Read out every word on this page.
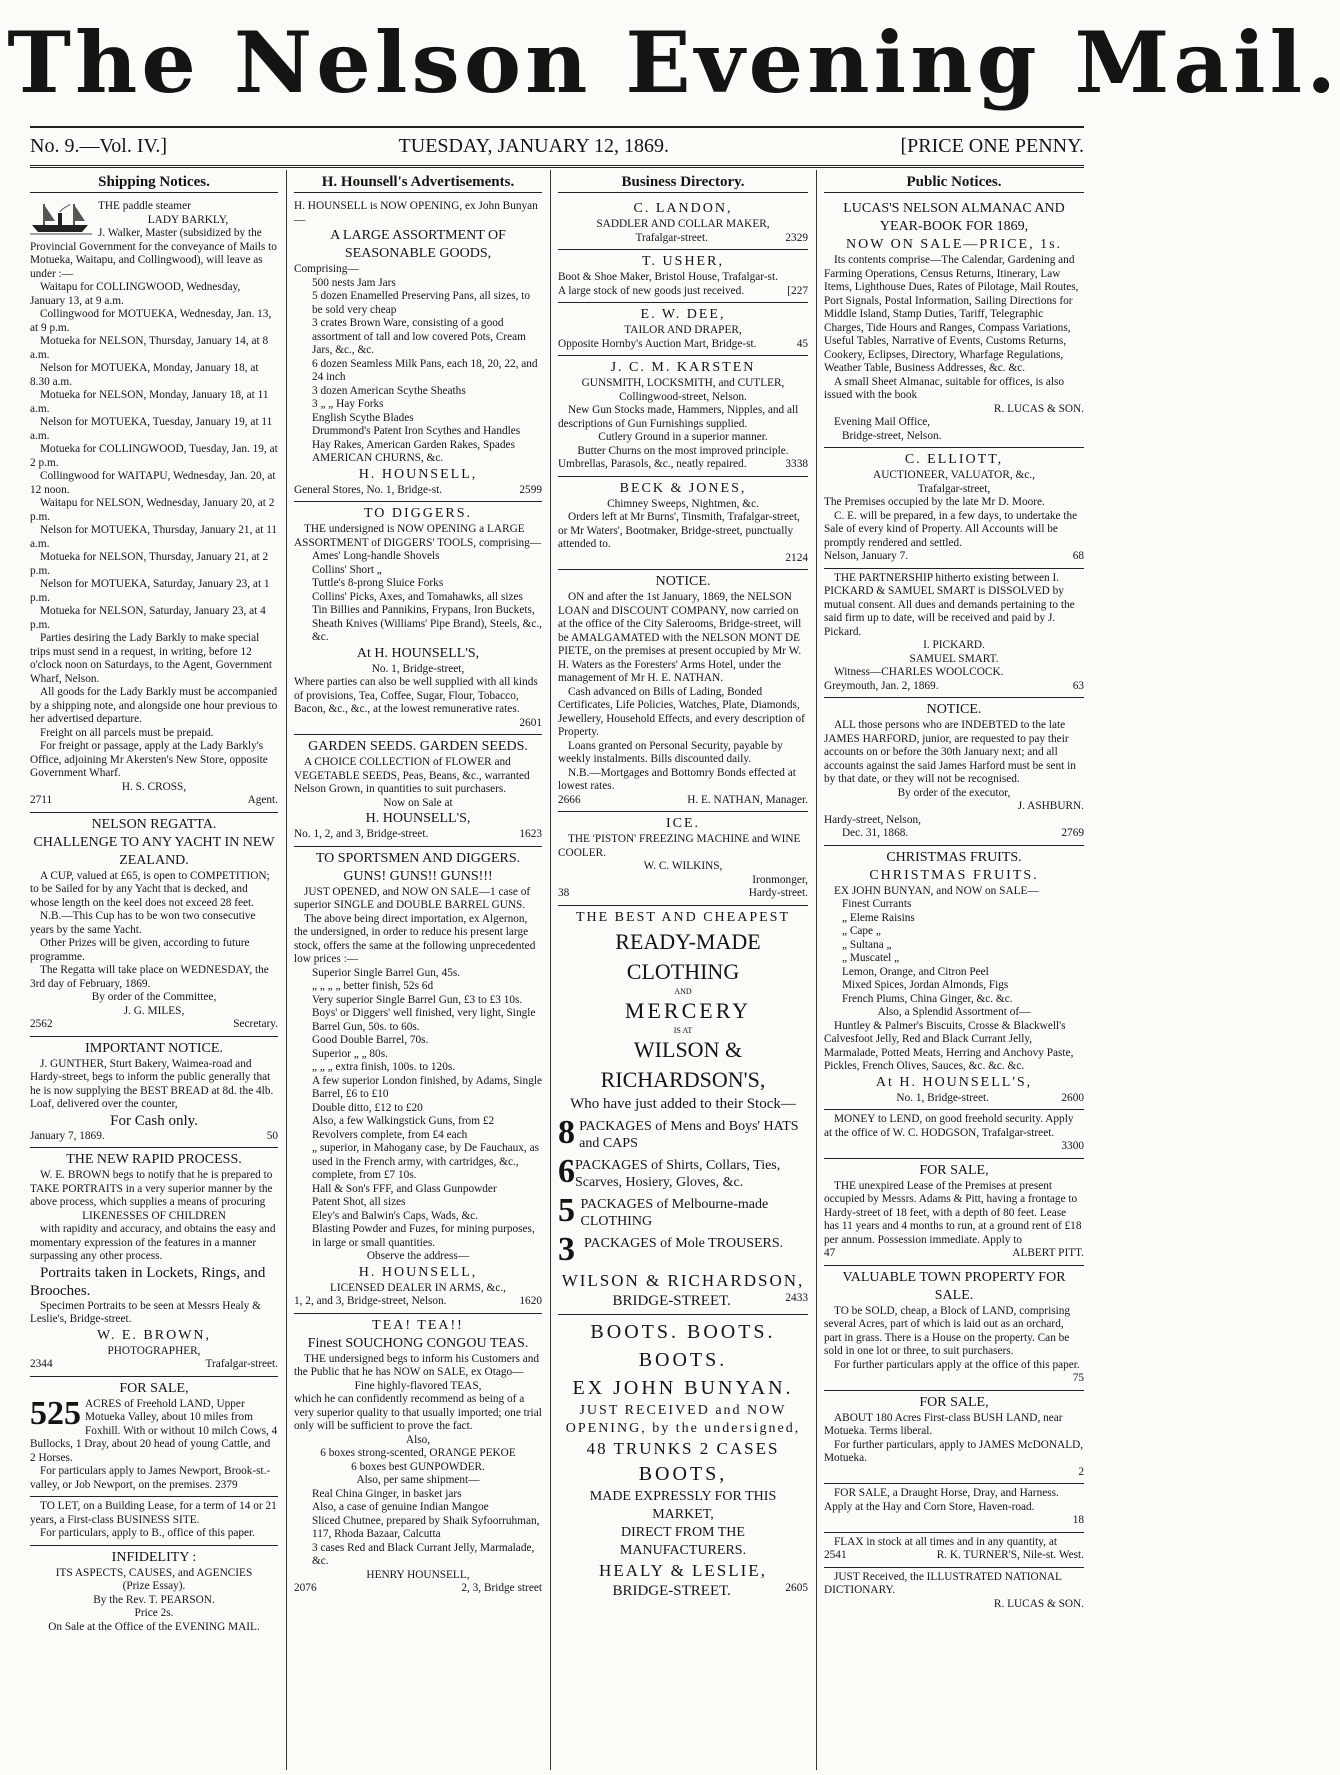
The Nelson Evening Mail.
No. 9.—Vol. IV.]	TUESDAY, JANUARY 12, 1869.	[PRICE ONE PENNY.
Shipping Notices.

THE paddle steamer

LADY BARKLY,

J. Walker, Master (subsidized by the Provincial Government for the conveyance of Mails to Motueka, Waitapu, and Collingwood), will leave as under :—

Waitapu for COLLINGWOOD, Wednesday, January 13, at 9 a.m.

Collingwood for MOTUEKA, Wednesday, Jan. 13, at 9 p.m.

Motueka for NELSON, Thursday, January 14, at 8 a.m.

Nelson for MOTUEKA, Monday, January 18, at 8.30 a.m.

Motueka for NELSON, Monday, January 18, at 11 a.m.

Nelson for MOTUEKA, Tuesday, January 19, at 11 a.m.

Motueka for COLLINGWOOD, Tuesday, Jan. 19, at 2 p.m.

Collingwood for WAITAPU, Wednesday, Jan. 20, at 12 noon.

Waitapu for NELSON, Wednesday, January 20, at 2 p.m.

Nelson for MOTUEKA, Thursday, January 21, at 11 a.m.

Motueka for NELSON, Thursday, January 21, at 2 p.m.

Nelson for MOTUEKA, Saturday, January 23, at 1 p.m.

Motueka for NELSON, Saturday, January 23, at 4 p.m.

Parties desiring the Lady Barkly to make special trips must send in a request, in writing, before 12 o'clock noon on Saturdays, to the Agent, Government Wharf, Nelson.

All goods for the Lady Barkly must be accompanied by a shipping note, and alongside one hour previous to her advertised departure.

Freight on all parcels must be prepaid.

For freight or passage, apply at the Lady Barkly's Office, adjoining Mr Akersten's New Store, opposite Government Wharf.

H. S. CROSS,

2711	Agent.

NELSON REGATTA.

CHALLENGE TO ANY YACHT IN NEW ZEALAND.

A CUP, valued at £65, is open to COMPETITION; to be Sailed for by any Yacht that is decked, and whose length on the keel does not exceed 28 feet.

N.B.—This Cup has to be won two consecutive years by the same Yacht.

Other Prizes will be given, according to future programme.

The Regatta will take place on WEDNESDAY, the 3rd day of February, 1869.

By order of the Committee,

J. G. MILES,

2562	Secretary.

IMPORTANT NOTICE.

J. GUNTHER, Sturt Bakery, Waimea-road and Hardy-street, begs to inform the public generally that he is now supplying the BEST BREAD at 8d. the 4lb. Loaf, delivered over the counter,

For Cash only.

January 7, 1869.	50

THE NEW RAPID PROCESS.

W. E. BROWN begs to notify that he is prepared to TAKE PORTRAITS in a very superior manner by the above process, which supplies a means of procuring

LIKENESSES OF CHILDREN

with rapidity and accuracy, and obtains the easy and momentary expression of the features in a manner surpassing any other process.

Portraits taken in Lockets, Rings, and Brooches.

Specimen Portraits to be seen at Messrs Healy & Leslie's, Bridge-street.

W. E. BROWN,

PHOTOGRAPHER,

2344	Trafalgar-street.

FOR SALE,

525 ACRES of Freehold LAND, Upper Motueka Valley, about 10 miles from Foxhill. With or without 10 milch Cows, 4 Bullocks, 1 Dray, about 20 head of young Cattle, and 2 Horses.

For particulars apply to James Newport, Brook-st.-valley, or Job Newport, on the premises. 2379

TO LET, on a Building Lease, for a term of 14 or 21 years, a First-class BUSINESS SITE.

For particulars, apply to B., office of this paper.

INFIDELITY :

ITS ASPECTS, CAUSES, and AGENCIES

(Prize Essay).

By the Rev. T. PEARSON.

Price 2s.

On Sale at the Office of the EVENING MAIL.

H. Hounsell's Advertisements.

H. HOUNSELL is NOW OPENING, ex John Bunyan—

A LARGE ASSORTMENT OF SEASONABLE GOODS,

Comprising—

500 nests Jam Jars

5 dozen Enamelled Preserving Pans, all sizes, to be sold very cheap

3 crates Brown Ware, consisting of a good assortment of tall and low covered Pots, Cream Jars, &c., &c.

6 dozen Seamless Milk Pans, each 18, 20, 22, and 24 inch

3 dozen American Scythe Sheaths

3 „ „ Hay Forks

English Scythe Blades

Drummond's Patent Iron Scythes and Handles

Hay Rakes, American Garden Rakes, Spades

AMERICAN CHURNS, &c.

H. HOUNSELL,

General Stores, No. 1, Bridge-st.	2599

TO DIGGERS.

THE undersigned is NOW OPENING a LARGE ASSORTMENT of DIGGERS' TOOLS, comprising—

Ames' Long-handle Shovels

Collins' Short „

Tuttle's 8-prong Sluice Forks

Collins' Picks, Axes, and Tomahawks, all sizes

Tin Billies and Pannikins, Frypans, Iron Buckets, Sheath Knives (Williams' Pipe Brand), Steels, &c., &c.

At H. HOUNSELL'S,

No. 1, Bridge-street,

Where parties can also be well supplied with all kinds of provisions, Tea, Coffee, Sugar, Flour, Tobacco, Bacon, &c., &c., at the lowest remunerative rates.

2601

GARDEN SEEDS. GARDEN SEEDS.

A CHOICE COLLECTION of FLOWER and VEGETABLE SEEDS, Peas, Beans, &c., warranted Nelson Grown, in quantities to suit purchasers.

Now on Sale at

H. HOUNSELL'S,

No. 1, 2, and 3, Bridge-street.	1623

TO SPORTSMEN AND DIGGERS.

GUNS! GUNS!! GUNS!!!

JUST OPENED, and NOW ON SALE—1 case of superior SINGLE and DOUBLE BARREL GUNS.

The above being direct importation, ex Algernon, the undersigned, in order to reduce his present large stock, offers the same at the following unprecedented low prices :—

Superior Single Barrel Gun, 45s.

„ „ „ „ better finish, 52s 6d

Very superior Single Barrel Gun, £3 to £3 10s.

Boys' or Diggers' well finished, very light, Single Barrel Gun, 50s. to 60s.

Good Double Barrel, 70s.

Superior „ „ 80s.

„ „ „ extra finish, 100s. to 120s.

A few superior London finished, by Adams, Single Barrel, £6 to £10

Double ditto, £12 to £20

Also, a few Walkingstick Guns, from £2

Revolvers complete, from £4 each

„ superior, in Mahogany case, by De Fauchaux, as used in the French army, with cartridges, &c., complete, from £7 10s.

Hall & Son's FFF, and Glass Gunpowder

Patent Shot, all sizes

Eley's and Balwin's Caps, Wads, &c.

Blasting Powder and Fuzes, for mining purposes, in large or small quantities.

Observe the address—

H. HOUNSELL,

LICENSED DEALER IN ARMS, &c.,

1, 2, and 3, Bridge-street, Nelson.	1620

TEA! TEA!!

Finest SOUCHONG CONGOU TEAS.

THE undersigned begs to inform his Customers and the Public that he has NOW on SALE, ex Otago—

Fine highly-flavored TEAS,

which he can confidently recommend as being of a very superior quality to that usually imported; one trial only will be sufficient to prove the fact.

Also,

6 boxes strong-scented, ORANGE PEKOE

6 boxes best GUNPOWDER.

Also, per same shipment—

Real China Ginger, in basket jars

Also, a case of genuine Indian Mangoe

Sliced Chutnee, prepared by Shaik Syfoorruhman, 117, Rhoda Bazaar, Calcutta

3 cases Red and Black Currant Jelly, Marmalade, &c.

HENRY HOUNSELL,

2076	2, 3, Bridge street
Business Directory.

C. LANDON,

SADDLER AND COLLAR MAKER,

Trafalgar-street.	2329

T. USHER,

Boot & Shoe Maker, Bristol House, Trafalgar-st.

A large stock of new goods just received.	[227

E. W. DEE,

TAILOR AND DRAPER,

Opposite Hornby's Auction Mart, Bridge-st.	45

J. C. M. KARSTEN

GUNSMITH, LOCKSMITH, and CUTLER,

Collingwood-street, Nelson.

New Gun Stocks made, Hammers, Nipples, and all descriptions of Gun Furnishings supplied.

Cutlery Ground in a superior manner.

Butter Churns on the most improved principle.

Umbrellas, Parasols, &c., neatly repaired.	3338

BECK & JONES,

Chimney Sweeps, Nightmen, &c.

Orders left at Mr Burns', Tinsmith, Trafalgar-street, or Mr Waters', Bootmaker, Bridge-street, punctually attended to.

2124

NOTICE.

ON and after the 1st January, 1869, the NELSON LOAN and DISCOUNT COMPANY, now carried on at the office of the City Salerooms, Bridge-street, will be AMALGAMATED with the NELSON MONT DE PIETE, on the premises at present occupied by Mr W. H. Waters as the Foresters' Arms Hotel, under the management of Mr H. E. NATHAN.

Cash advanced on Bills of Lading, Bonded Certificates, Life Policies, Watches, Plate, Diamonds, Jewellery, Household Effects, and every description of Property.

Loans granted on Personal Security, payable by weekly instalments. Bills discounted daily.

N.B.—Mortgages and Bottomry Bonds effected at lowest rates.

2666	H. E. NATHAN, Manager.

ICE.

THE 'PISTON' FREEZING MACHINE and WINE COOLER.

W. C. WILKINS,

Ironmonger,

38	Hardy-street.

THE BEST AND CHEAPEST

READY-MADE CLOTHING

AND

MERCERY

IS AT

WILSON & RICHARDSON'S,

Who have just added to their Stock—

8 PACKAGES of Mens and Boys' HATS and CAPS
6 PACKAGES of Shirts, Collars, Ties, Scarves, Hosiery, Gloves, &c.
5 PACKAGES of Melbourne-made CLOTHING
3 PACKAGES of Mole TROUSERS.

WILSON & RICHARDSON,

BRIDGE-STREET.	2433

BOOTS. BOOTS.

BOOTS.

EX JOHN BUNYAN.

JUST RECEIVED and NOW OPENING, by the undersigned,

48 TRUNKS 2 CASES

BOOTS,

MADE EXPRESSLY FOR THIS MARKET,

DIRECT FROM THE MANUFACTURERS.

HEALY & LESLIE,

BRIDGE-STREET.	2605
Public Notices.

LUCAS'S NELSON ALMANAC AND YEAR-BOOK FOR 1869,

NOW ON SALE—PRICE, 1s.

Its contents comprise—The Calendar, Gardening and Farming Operations, Census Returns, Itinerary, Law Items, Lighthouse Dues, Rates of Pilotage, Mail Routes, Port Signals, Postal Information, Sailing Directions for Middle Island, Stamp Duties, Tariff, Telegraphic Charges, Tide Hours and Ranges, Compass Variations, Useful Tables, Narrative of Events, Customs Returns, Cookery, Eclipses, Directory, Wharfage Regulations, Weather Table, Business Addresses, &c. &c.

A small Sheet Almanac, suitable for offices, is also issued with the book

R. LUCAS & SON.

Evening Mail Office,

Bridge-street, Nelson.

C. ELLIOTT,

AUCTIONEER, VALUATOR, &c.,

Trafalgar-street,

The Premises occupied by the late Mr D. Moore.

C. E. will be prepared, in a few days, to undertake the Sale of every kind of Property. All Accounts will be promptly rendered and settled.

Nelson, January 7.	68

THE PARTNERSHIP hitherto existing between I. PICKARD & SAMUEL SMART is DISSOLVED by mutual consent. All dues and demands pertaining to the said firm up to date, will be received and paid by J. Pickard.

I. PICKARD.

SAMUEL SMART.

Witness—CHARLES WOOLCOCK.

Greymouth, Jan. 2, 1869.	63

NOTICE.

ALL those persons who are INDEBTED to the late JAMES HARFORD, junior, are requested to pay their accounts on or before the 30th January next; and all accounts against the said James Harford must be sent in by that date, or they will not be recognised.

By order of the executor,

J. ASHBURN.

Hardy-street, Nelson,

Dec. 31, 1868.	2769

CHRISTMAS FRUITS.

CHRISTMAS FRUITS.

EX JOHN BUNYAN, and NOW on SALE—

Finest Currants

„ Eleme Raisins

„ Cape „

„ Sultana „

„ Muscatel „

Lemon, Orange, and Citron Peel

Mixed Spices, Jordan Almonds, Figs

French Plums, China Ginger, &c. &c.

Also, a Splendid Assortment of—

Huntley & Palmer's Biscuits, Crosse & Blackwell's Calvesfoot Jelly, Red and Black Currant Jelly, Marmalade, Potted Meats, Herring and Anchovy Paste, Pickles, French Olives, Sauces, &c. &c. &c.

At H. HOUNSELL'S,

No. 1, Bridge-street.	2600

MONEY to LEND, on good freehold security. Apply at the office of W. C. HODGSON, Trafalgar-street.

3300

FOR SALE,

THE unexpired Lease of the Premises at present occupied by Messrs. Adams & Pitt, having a frontage to Hardy-street of 18 feet, with a depth of 80 feet. Lease has 11 years and 4 months to run, at a ground rent of £18 per annum. Possession immediate. Apply to

47	ALBERT PITT.

VALUABLE TOWN PROPERTY FOR SALE.

TO be SOLD, cheap, a Block of LAND, comprising several Acres, part of which is laid out as an orchard, part in grass. There is a House on the property. Can be sold in one lot or three, to suit purchasers.

For further particulars apply at the office of this paper.

75

FOR SALE,

ABOUT 180 Acres First-class BUSH LAND, near Motueka. Terms liberal.

For further particulars, apply to JAMES McDONALD, Motueka.

2

FOR SALE, a Draught Horse, Dray, and Harness. Apply at the Hay and Corn Store, Haven-road.

18

FLAX in stock at all times and in any quantity, at

2541	R. K. TURNER'S, Nile-st. West.

JUST Received, the ILLUSTRATED NATIONAL DICTIONARY.

R. LUCAS & SON.
